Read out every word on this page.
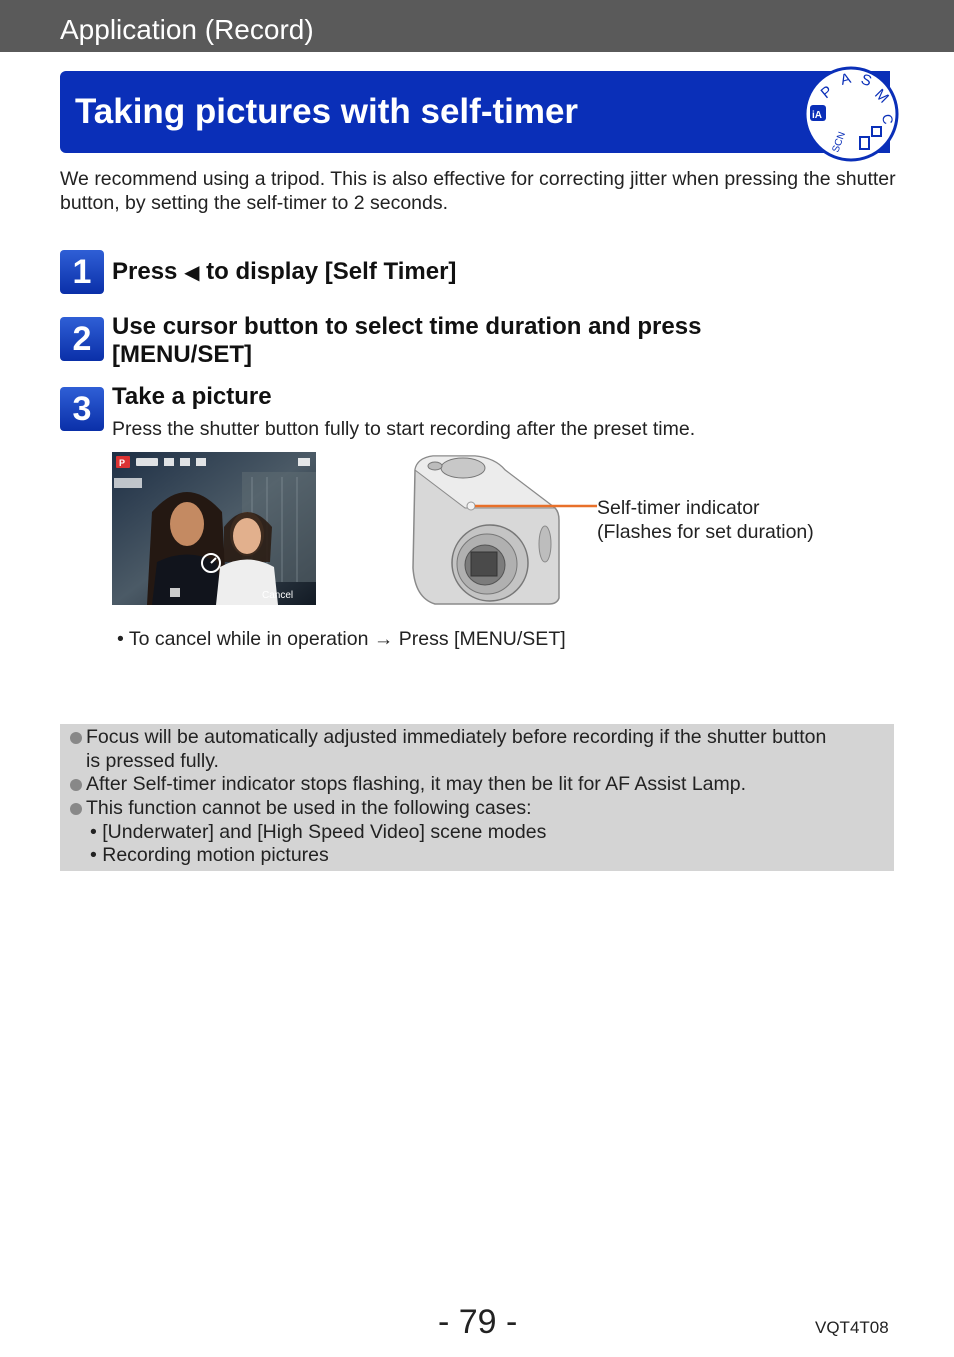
Application (Record)
Taking pictures with self-timer	P
A S
M
C
iA
SCN
We recommend using a tripod. This is also effective for correcting jitter when pressing the shutter button, by setting the self-timer to 2 seconds.
1 Press ◀ to display [Self Timer]
2 Use cursor button to select time duration and press
[MENU/SET]
3 Take a picture
Press the shutter button fully to start recording after the preset time.
P
Cancel
Self-timer indicator
(Flashes for set duration)
• To cancel while in operation → Press [MENU/SET]
Focus will be automatically adjusted immediately before recording if the shutter button
is pressed fully.
After Self-timer indicator stops flashing, it may then be lit for AF Assist Lamp.
This function cannot be used in the following cases:
• [Underwater] and [High Speed Video] scene modes
• Recording motion pictures
- 79 -	VQT4T08
